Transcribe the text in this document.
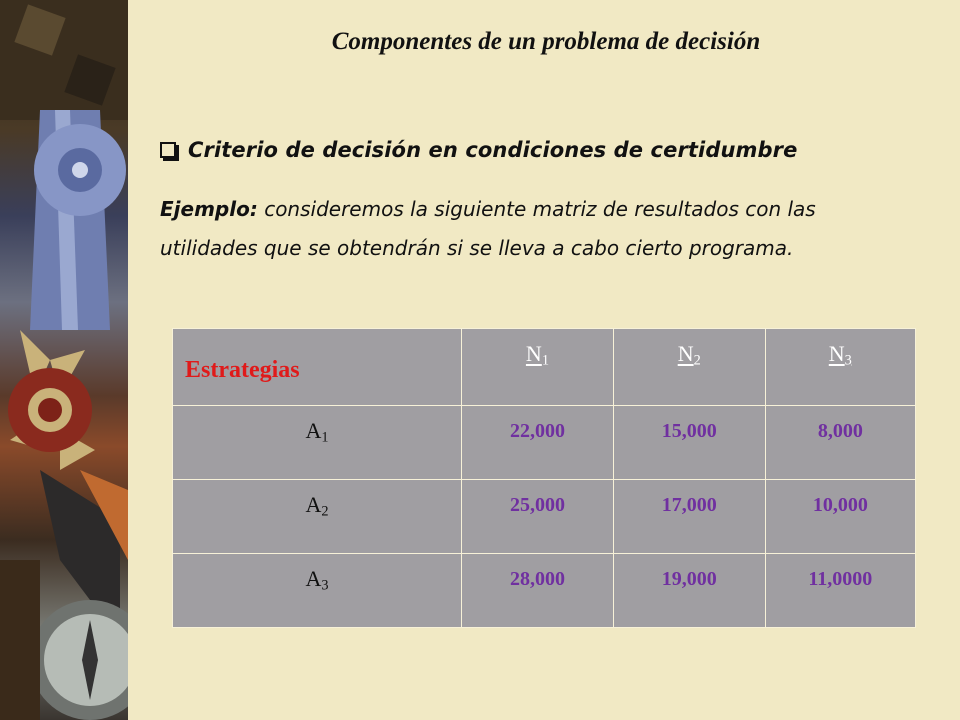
Componentes de un problema de decisión
Criterio de decisión en condiciones de certidumbre
Ejemplo: consideremos la siguiente matriz de resultados con las utilidades que se obtendrán si se lleva a cabo cierto programa.
Estrategias	$N_1$	$N_2$	$N_3$
$A_1$	22,000	15,000	8,000
$A_2$	25,000	17,000	10,000
$A_3$	28,000	19,000	11,0000
